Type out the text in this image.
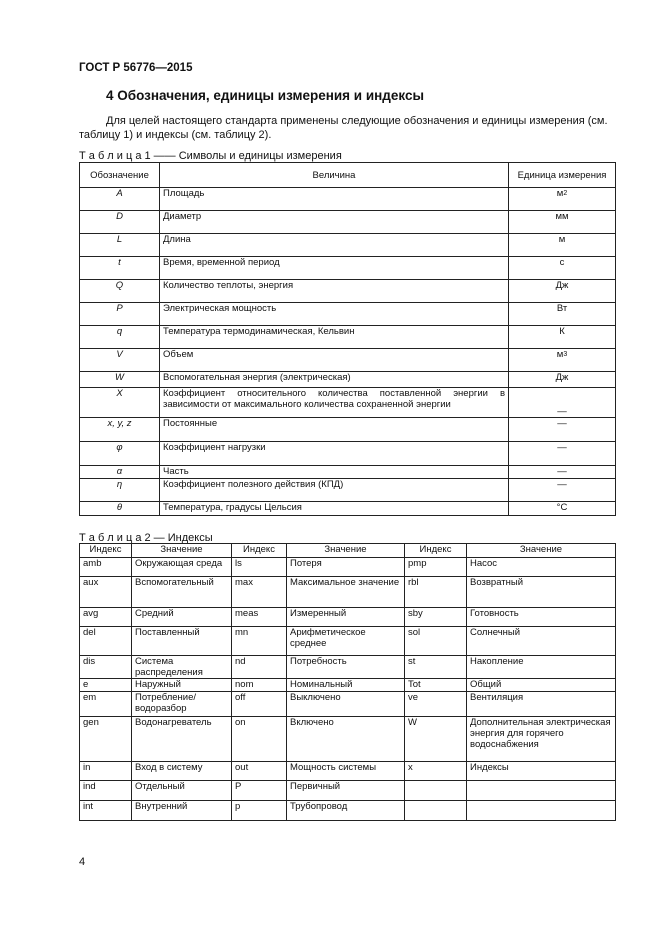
ГОСТ Р 56776—2015
4 Обозначения, единицы измерения и индексы
Для целей настоящего стандарта применены следующие обозначения и единицы измерения (см. таблицу 1) и индексы (см. таблицу 2).
Т а б л и ц а 1 —— Символы и единицы измерения
Обозначение	Величина	Единица измерения
A	Площадь	$м^2$
D	Диаметр	мм
L	Длина	м
t	Время, временной период	с
Q	Количество теплоты, энергия	Дж
P	Электрическая мощность	Вт
q	Температура термодинамическая, Кельвин	К
V	Объем	$м^3$
W	Вспомогательная энергия (электрическая)	Дж
X	Коэффициент относительного количества поставленной энергии в зависимости от максимального количества сохраненной энергии	—
x, y, z	Постоянные	—
φ	Коэффициент нагрузки	—
α	Часть	—
η	Коэффициент полезного действия (КПД)	—
θ	Температура, градусы Цельсия	°С
Т а б л и ц а 2 — Индексы
Индекс	Значение	Индекс	Значение	Индекс	Значение
amb	Окружающая среда	ls	Потеря	pmp	Насос
aux	Вспомогательный	max	Максимальное значение	rbl	Возвратный
avg	Средний	meas	Измеренный	sby	Готовность
del	Поставленный	mn	Арифметическое среднее	sol	Солнечный
dis	Система распределения	nd	Потребность	st	Накопление
e	Наружный	nom	Номинальный	Tot	Общий
em	Потребление/ водоразбор	off	Выключено	ve	Вентиляция
gen	Водонагреватель	on	Включено	W	Дополнительная электрическая энергия для горячего водоснабжения
in	Вход в систему	out	Мощность системы	x	Индексы
ind	Отдельный	P	Первичный		
int	Внутренний	p	Трубопровод		
4
